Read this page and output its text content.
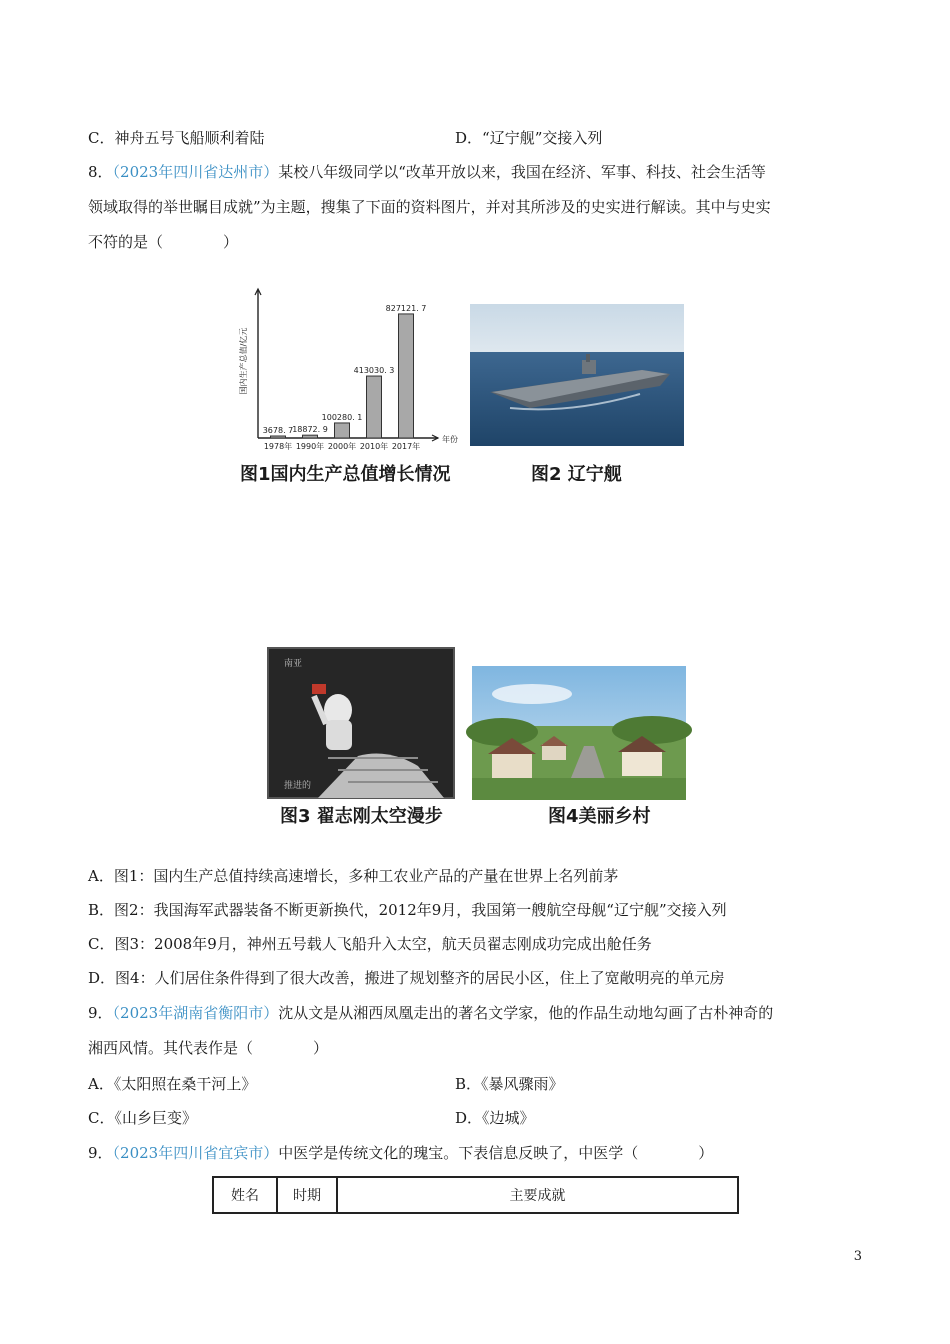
C．神舟五号飞船顺利着陆	D．“辽宁舰”交接入列
8．（2023年四川省达州市）某校八年级同学以“改革开放以来，我国在经济、军事、科技、社会生活等
领域取得的举世瞩目成就”为主题，搜集了下面的资料图片，并对其所涉及的史实进行解读。其中与史实
不符的是（　　　　）
国内生产总值/亿元
年份
3678. 7
1978年
18872. 9
1990年
100280. 1
2000年
413030. 3
2010年
827121. 7
2017年
图1国内生产总值增长情况	图2 辽宁舰
南亚
推进的
图3 翟志刚太空漫步	图4美丽乡村
A．图1：国内生产总值持续高速增长，多种工农业产品的产量在世界上名列前茅
B．图2：我国海军武器装备不断更新换代，2012年9月，我国第一艘航空母舰“辽宁舰”交接入列
C．图3：2008年9月，神州五号载人飞船升入太空，航天员翟志刚成功完成出舱任务
D．图4：人们居住条件得到了很大改善，搬进了规划整齐的居民小区，住上了宽敞明亮的单元房
9．（2023年湖南省衡阳市）沈从文是从湘西凤凰走出的著名文学家，他的作品生动地勾画了古朴神奇的
湘西风情。其代表作是（　　　　）
A．《太阳照在桑干河上》	B．《暴风骤雨》
C．《山乡巨变》	D．《边城》
9．（2023年四川省宜宾市）中医学是传统文化的瑰宝。下表信息反映了，中医学（　　　　）
姓名	时期	主要成就
3
